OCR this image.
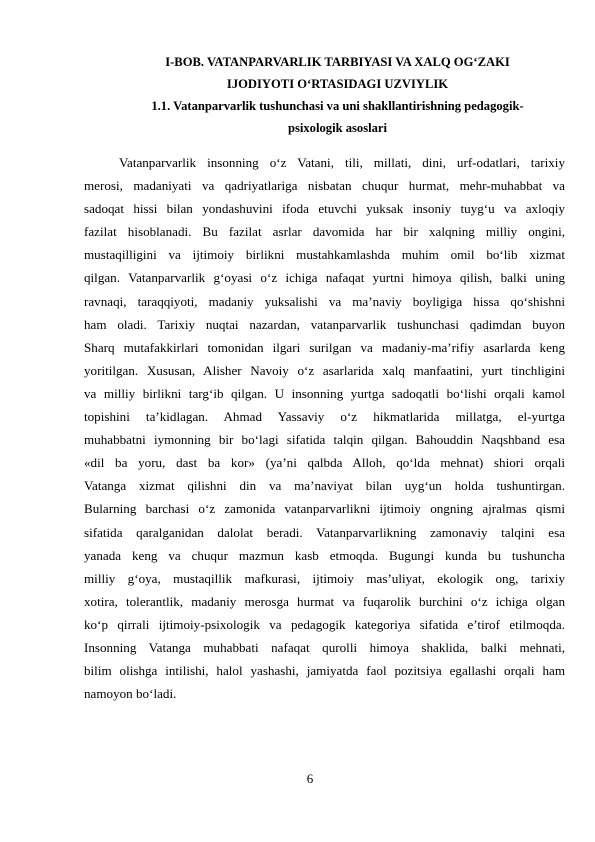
I-BOB. VATANPARVARLIK TARBIYASI VA XALQ OG‘ZAKI
IJODIYOTI O‘RTASIDAGI UZVIYLIK
1.1. Vatanparvarlik tushunchasi va uni shakllantirishning pedagogik-
psixologik asoslari
Vatanparvarlik insonning o‘z Vatani, tili, millati, dini, urf-odatlari, tarixiy
merosi, madaniyati va qadriyatlariga nisbatan chuqur hurmat, mehr-muhabbat va
sadoqat hissi bilan yondashuvini ifoda etuvchi yuksak insoniy tuyg‘u va axloqiy
fazilat hisoblanadi. Bu fazilat asrlar davomida har bir xalqning milliy ongini,
mustaqilligini va ijtimoiy birlikni mustahkamlashda muhim omil bo‘lib xizmat
qilgan. Vatanparvarlik g‘oyasi o‘z ichiga nafaqat yurtni himoya qilish, balki uning
ravnaqi, taraqqiyoti, madaniy yuksalishi va ma’naviy boyligiga hissa qo‘shishni
ham oladi. Tarixiy nuqtai nazardan, vatanparvarlik tushunchasi qadimdan buyon
Sharq mutafakkirlari tomonidan ilgari surilgan va madaniy-ma’rifiy asarlarda keng
yoritilgan. Xususan, Alisher Navoiy o‘z asarlarida xalq manfaatini, yurt tinchligini
va milliy birlikni targ‘ib qilgan. U insonning yurtga sadoqatli bo‘lishi orqali kamol
topishini ta’kidlagan. Ahmad Yassaviy o‘z hikmatlarida millatga, el-yurtga
muhabbatni iymonning bir bo‘lagi sifatida talqin qilgan. Bahouddin Naqshband esa
«dil ba yoru, dast ba kor» (ya’ni qalbda Alloh, qo‘lda mehnat) shiori orqali
Vatanga xizmat qilishni din va ma’naviyat bilan uyg‘un holda tushuntirgan.
Bularning barchasi o‘z zamonida vatanparvarlikni ijtimoiy ongning ajralmas qismi
sifatida qaralganidan dalolat beradi. Vatanparvarlikning zamonaviy talqini esa
yanada keng va chuqur mazmun kasb etmoqda. Bugungi kunda bu tushuncha
milliy g‘oya, mustaqillik mafkurasi, ijtimoiy mas’uliyat, ekologik ong, tarixiy
xotira, tolerantlik, madaniy merosga hurmat va fuqarolik burchini o‘z ichiga olgan
ko‘p qirrali ijtimoiy-psixologik va pedagogik kategoriya sifatida e’tirof etilmoqda.
Insonning Vatanga muhabbati nafaqat qurolli himoya shaklida, balki mehnati,
bilim olishga intilishi, halol yashashi, jamiyatda faol pozitsiya egallashi orqali ham
namoyon bo‘ladi.
6
